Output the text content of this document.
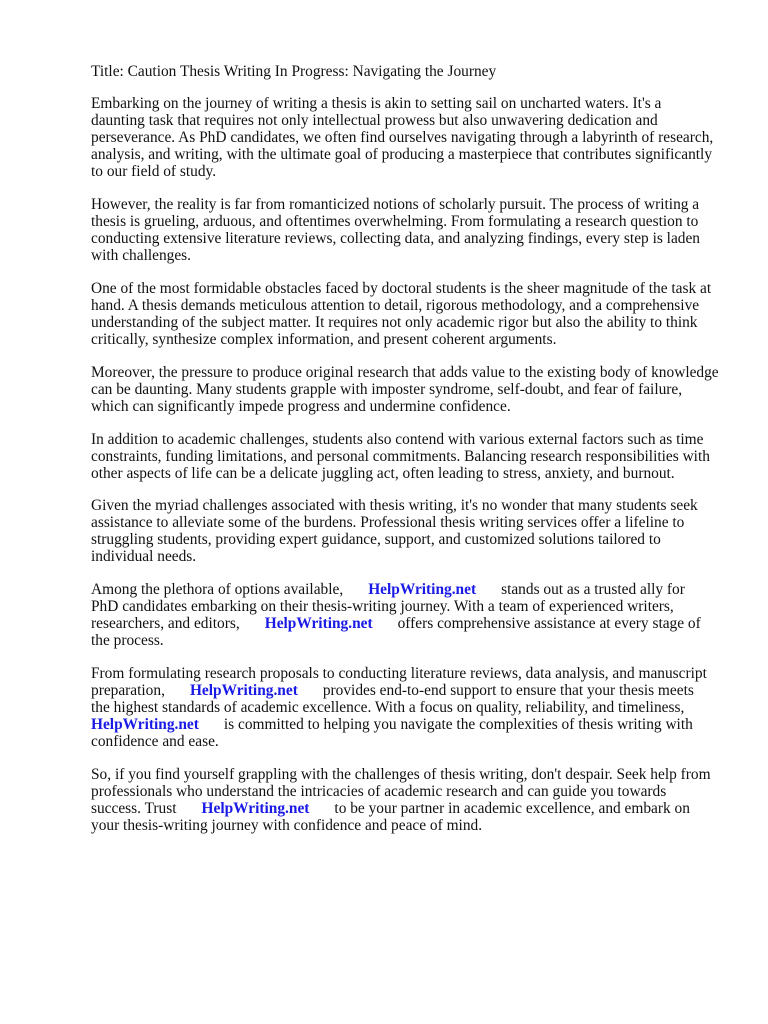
Title: Caution Thesis Writing In Progress: Navigating the Journey

Embarking on the journey of writing a thesis is akin to setting sail on uncharted waters. It's a

daunting task that requires not only intellectual prowess but also unwavering dedication and

perseverance. As PhD candidates, we often find ourselves navigating through a labyrinth of research,

analysis, and writing, with the ultimate goal of producing a masterpiece that contributes significantly

to our field of study.

However, the reality is far from romanticized notions of scholarly pursuit. The process of writing a

thesis is grueling, arduous, and oftentimes overwhelming. From formulating a research question to

conducting extensive literature reviews, collecting data, and analyzing findings, every step is laden

with challenges.

One of the most formidable obstacles faced by doctoral students is the sheer magnitude of the task at

hand. A thesis demands meticulous attention to detail, rigorous methodology, and a comprehensive

understanding of the subject matter. It requires not only academic rigor but also the ability to think

critically, synthesize complex information, and present coherent arguments.

Moreover, the pressure to produce original research that adds value to the existing body of knowledge

can be daunting. Many students grapple with imposter syndrome, self-doubt, and fear of failure,

which can significantly impede progress and undermine confidence.

In addition to academic challenges, students also contend with various external factors such as time

constraints, funding limitations, and personal commitments. Balancing research responsibilities with

other aspects of life can be a delicate juggling act, often leading to stress, anxiety, and burnout.

Given the myriad challenges associated with thesis writing, it's no wonder that many students seek

assistance to alleviate some of the burdens. Professional thesis writing services offer a lifeline to

struggling students, providing expert guidance, support, and customized solutions tailored to

individual needs.

Among the plethora of options available, HelpWriting.net stands out as a trusted ally for

PhD candidates embarking on their thesis-writing journey. With a team of experienced writers,

researchers, and editors, HelpWriting.net offers comprehensive assistance at every stage of

the process.

From formulating research proposals to conducting literature reviews, data analysis, and manuscript

preparation, HelpWriting.net provides end-to-end support to ensure that your thesis meets

the highest standards of academic excellence. With a focus on quality, reliability, and timeliness,

HelpWriting.net is committed to helping you navigate the complexities of thesis writing with

confidence and ease.

So, if you find yourself grappling with the challenges of thesis writing, don't despair. Seek help from

professionals who understand the intricacies of academic research and can guide you towards

success. Trust HelpWriting.net to be your partner in academic excellence, and embark on

your thesis-writing journey with confidence and peace of mind.
